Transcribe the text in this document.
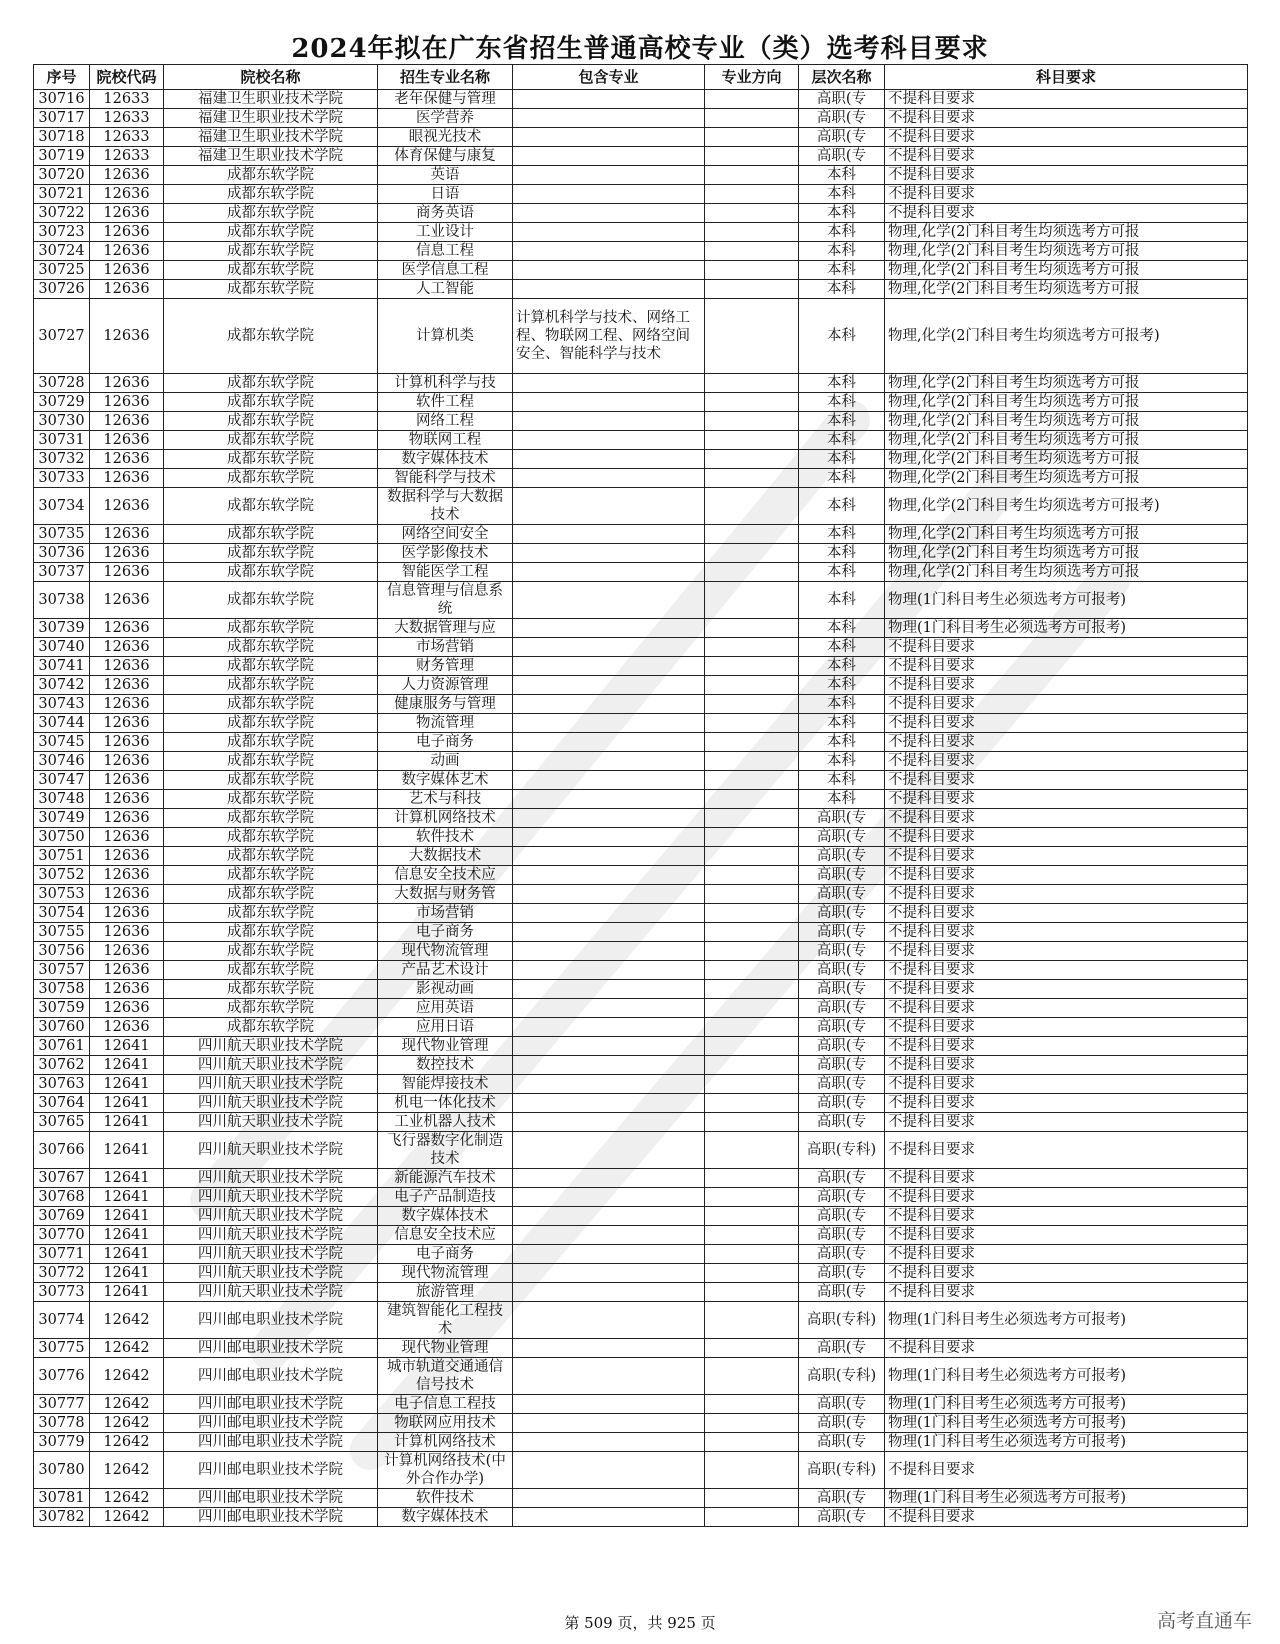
2024年拟在广东省招生普通高校专业（类）选考科目要求
序号	院校代码	院校名称	招生专业名称	包含专业	专业方向	层次名称	科目要求
30716	12633	福建卫生职业技术学院	老年保健与管理			高职(专	不提科目要求
30717	12633	福建卫生职业技术学院	医学营养			高职(专	不提科目要求
30718	12633	福建卫生职业技术学院	眼视光技术			高职(专	不提科目要求
30719	12633	福建卫生职业技术学院	体育保健与康复			高职(专	不提科目要求
30720	12636	成都东软学院	英语			本科	不提科目要求
30721	12636	成都东软学院	日语			本科	不提科目要求
30722	12636	成都东软学院	商务英语			本科	不提科目要求
30723	12636	成都东软学院	工业设计			本科	物理,化学(2门科目考生均须选考方可报
30724	12636	成都东软学院	信息工程			本科	物理,化学(2门科目考生均须选考方可报
30725	12636	成都东软学院	医学信息工程			本科	物理,化学(2门科目考生均须选考方可报
30726	12636	成都东软学院	人工智能			本科	物理,化学(2门科目考生均须选考方可报
30727	12636	成都东软学院	计算机类	计算机科学与技术、网络工程、物联网工程、网络空间安全、智能科学与技术		本科	物理,化学(2门科目考生均须选考方可报考)
30728	12636	成都东软学院	计算机科学与技			本科	物理,化学(2门科目考生均须选考方可报
30729	12636	成都东软学院	软件工程			本科	物理,化学(2门科目考生均须选考方可报
30730	12636	成都东软学院	网络工程			本科	物理,化学(2门科目考生均须选考方可报
30731	12636	成都东软学院	物联网工程			本科	物理,化学(2门科目考生均须选考方可报
30732	12636	成都东软学院	数字媒体技术			本科	物理,化学(2门科目考生均须选考方可报
30733	12636	成都东软学院	智能科学与技术			本科	物理,化学(2门科目考生均须选考方可报
30734	12636	成都东软学院	数据科学与大数据技术			本科	物理,化学(2门科目考生均须选考方可报考)
30735	12636	成都东软学院	网络空间安全			本科	物理,化学(2门科目考生均须选考方可报
30736	12636	成都东软学院	医学影像技术			本科	物理,化学(2门科目考生均须选考方可报
30737	12636	成都东软学院	智能医学工程			本科	物理,化学(2门科目考生均须选考方可报
30738	12636	成都东软学院	信息管理与信息系统			本科	物理(1门科目考生必须选考方可报考)
30739	12636	成都东软学院	大数据管理与应			本科	物理(1门科目考生必须选考方可报考)
30740	12636	成都东软学院	市场营销			本科	不提科目要求
30741	12636	成都东软学院	财务管理			本科	不提科目要求
30742	12636	成都东软学院	人力资源管理			本科	不提科目要求
30743	12636	成都东软学院	健康服务与管理			本科	不提科目要求
30744	12636	成都东软学院	物流管理			本科	不提科目要求
30745	12636	成都东软学院	电子商务			本科	不提科目要求
30746	12636	成都东软学院	动画			本科	不提科目要求
30747	12636	成都东软学院	数字媒体艺术			本科	不提科目要求
30748	12636	成都东软学院	艺术与科技			本科	不提科目要求
30749	12636	成都东软学院	计算机网络技术			高职(专	不提科目要求
30750	12636	成都东软学院	软件技术			高职(专	不提科目要求
30751	12636	成都东软学院	大数据技术			高职(专	不提科目要求
30752	12636	成都东软学院	信息安全技术应			高职(专	不提科目要求
30753	12636	成都东软学院	大数据与财务管			高职(专	不提科目要求
30754	12636	成都东软学院	市场营销			高职(专	不提科目要求
30755	12636	成都东软学院	电子商务			高职(专	不提科目要求
30756	12636	成都东软学院	现代物流管理			高职(专	不提科目要求
30757	12636	成都东软学院	产品艺术设计			高职(专	不提科目要求
30758	12636	成都东软学院	影视动画			高职(专	不提科目要求
30759	12636	成都东软学院	应用英语			高职(专	不提科目要求
30760	12636	成都东软学院	应用日语			高职(专	不提科目要求
30761	12641	四川航天职业技术学院	现代物业管理			高职(专	不提科目要求
30762	12641	四川航天职业技术学院	数控技术			高职(专	不提科目要求
30763	12641	四川航天职业技术学院	智能焊接技术			高职(专	不提科目要求
30764	12641	四川航天职业技术学院	机电一体化技术			高职(专	不提科目要求
30765	12641	四川航天职业技术学院	工业机器人技术			高职(专	不提科目要求
30766	12641	四川航天职业技术学院	飞行器数字化制造技术			高职(专科)	不提科目要求
30767	12641	四川航天职业技术学院	新能源汽车技术			高职(专	不提科目要求
30768	12641	四川航天职业技术学院	电子产品制造技			高职(专	不提科目要求
30769	12641	四川航天职业技术学院	数字媒体技术			高职(专	不提科目要求
30770	12641	四川航天职业技术学院	信息安全技术应			高职(专	不提科目要求
30771	12641	四川航天职业技术学院	电子商务			高职(专	不提科目要求
30772	12641	四川航天职业技术学院	现代物流管理			高职(专	不提科目要求
30773	12641	四川航天职业技术学院	旅游管理			高职(专	不提科目要求
30774	12642	四川邮电职业技术学院	建筑智能化工程技术			高职(专科)	物理(1门科目考生必须选考方可报考)
30775	12642	四川邮电职业技术学院	现代物业管理			高职(专	不提科目要求
30776	12642	四川邮电职业技术学院	城市轨道交通通信信号技术			高职(专科)	物理(1门科目考生必须选考方可报考)
30777	12642	四川邮电职业技术学院	电子信息工程技			高职(专	物理(1门科目考生必须选考方可报考)
30778	12642	四川邮电职业技术学院	物联网应用技术			高职(专	物理(1门科目考生必须选考方可报考)
30779	12642	四川邮电职业技术学院	计算机网络技术			高职(专	物理(1门科目考生必须选考方可报考)
30780	12642	四川邮电职业技术学院	计算机网络技术(中外合作办学)			高职(专科)	不提科目要求
30781	12642	四川邮电职业技术学院	软件技术			高职(专	物理(1门科目考生必须选考方可报考)
30782	12642	四川邮电职业技术学院	数字媒体技术			高职(专	不提科目要求
第 509 页，共 925 页	高考直通车
